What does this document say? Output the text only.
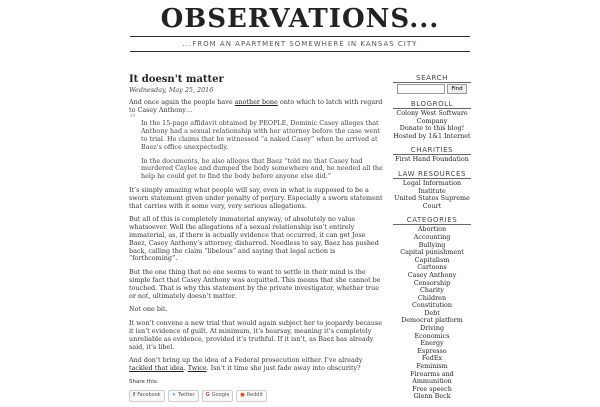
OBSERVATIONS...
...FROM AN APARTMENT SOMEWHERE IN KANSAS CITY
It doesn't matter
Wednesday, May 25, 2016

And once again the people have another bone onto which to latch with regard to Casey Anthony…

“ In the 15-page affidavit obtained by PEOPLE, Dominic Casey alleges that Anthony had a sexual relationship with her attorney before the case went to trial. He claims that he witnessed “a naked Casey” when he arrived at Baez’s office unexpectedly.

In the documents, he also alleges that Baez “told me that Casey had murdered Caylee and dumped the body somewhere and, he needed all the help he could get to find the body before anyone else did.”

It’s simply amazing what people will say, even in what is supposed to be a sworn statement given under penalty of perjury. Especially a sworn statement that carries with it some very, very serious allegations.

But all of this is completely immaterial anyway, of absolutely no value whatsoever. Well the allegations of a sexual relationship isn’t entirely immaterial, as, if there is actually evidence that occurred, it can get Jose Baez, Casey Anthony’s attorney, disbarred. Needless to say, Baez has pushed back, calling the claim “libelous” and saying that legal action is “forthcoming”.

But the one thing that no one seems to want to settle in their mind is the simple fact that Casey Anthony was acquitted. This means that she cannot be touched. That is why this statement by the private investigator, whether true or not, ultimately doesn’t matter.

Not one bit.

It won’t convene a new trial that would again subject her to jeopardy because it isn’t evidence of guilt. At minimum, it’s hearsay, meaning it’s completely unreliable as evidence, provided it’s truthful. If it isn’t, as Baez has already said, it’s libel.

And don’t bring up the idea of a Federal prosecution either. I’ve already tackled that idea. Twice. Isn’t it time she just fade away into obscurity?

Share this:
f Facebook ✦ Twitter G Google ● Reddit
SEARCH
Find
BLOGROLL
Colony West Software Company
Donate to this blog!
Hosted by 1&1 Internet
CHARITIES
First Hand Foundation
LAW RESOURCES
Legal Information Institute
United States Supreme Court
CATEGORIES
Abortion
Accounting
Bullying
Capital punishment
Capitalism
Cartoons
Casey Anthony
Censorship
Charity
Children
Constitution
Debt
Democrat platform
Driving
Economics
Energy
Espresso
FedEx
Feminism
Firearms and Ammunition
Free speech
Glenn Beck
